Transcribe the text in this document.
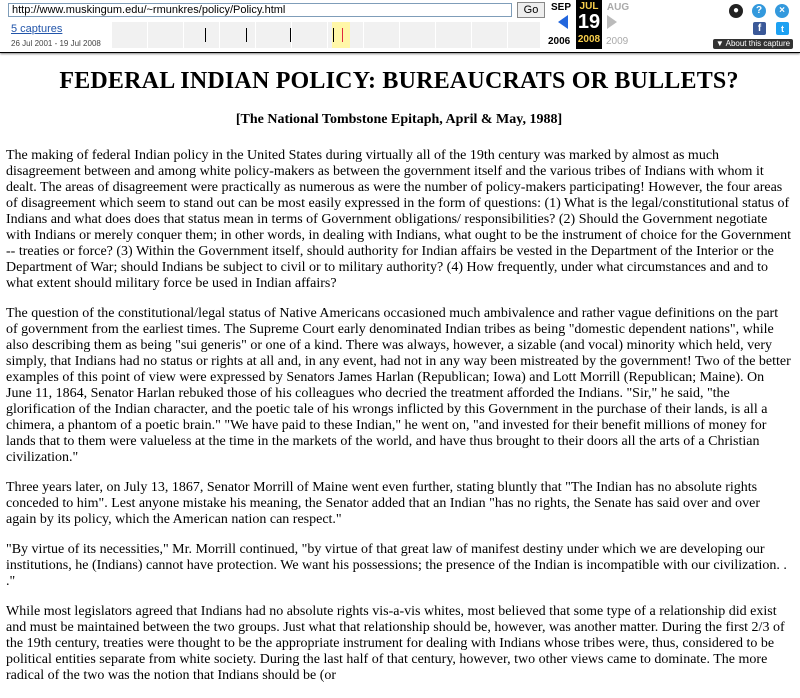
http://www.muskingum.edu/~rmunkres/policy/Policy.html
Go
5 captures
26 Jul 2001 - 19 Jul 2008
SEP
2006
JUL
19
2008
AUG
2009
●	?	×
f	t
▼ About this capture
FEDERAL INDIAN POLICY: BUREAUCRATS OR BULLETS?
[The National Tombstone Epitaph, April & May, 1988]

The making of federal Indian policy in the United States during virtually all of the 19th century was marked by almost as much disagreement between and among white policy-makers as between the government itself and the various tribes of Indians with whom it dealt. The areas of disagreement were practically as numerous as were the number of policy-makers participating! However, the four areas of disagreement which seem to stand out can be most easily expressed in the form of questions: (1) What is the legal/constitutional status of Indians and what does does that status mean in terms of Government obligations/ responsibilities? (2) Should the Government negotiate with Indians or merely conquer them; in other words, in dealing with Indians, what ought to be the instrument of choice for the Government -- treaties or force? (3) Within the Government itself, should authority for Indian affairs be vested in the Department of the Interior or the Department of War; should Indians be subject to civil or to military authority? (4) How frequently, under what circumstances and and to what extent should military force be used in Indian affairs?

The question of the constitutional/legal status of Native Americans occasioned much ambivalence and rather vague definitions on the part of government from the earliest times. The Supreme Court early denominated Indian tribes as being "domestic dependent nations", while also describing them as being "sui generis" or one of a kind. There was always, however, a sizable (and vocal) minority which held, very simply, that Indians had no status or rights at all and, in any event, had not in any way been mistreated by the government! Two of the better examples of this point of view were expressed by Senators James Harlan (Republican; Iowa) and Lott Morrill (Republican; Maine). On June 11, 1864, Senator Harlan rebuked those of his colleagues who decried the treatment afforded the Indians. "Sir," he said, "the glorification of the Indian character, and the poetic tale of his wrongs inflicted by this Government in the purchase of their lands, is all a chimera, a phantom of a poetic brain." "We have paid to these Indian," he went on, "and invested for their benefit millions of money for lands that to them were valueless at the time in the markets of the world, and have thus brought to their doors all the arts of a Christian civilization."

Three years later, on July 13, 1867, Senator Morrill of Maine went even further, stating bluntly that "The Indian has no absolute rights conceded to him". Lest anyone mistake his meaning, the Senator added that an Indian "has no rights, the Senate has said over and over again by its policy, which the American nation can respect."

"By virtue of its necessities," Mr. Morrill continued, "by virtue of that great law of manifest destiny under which we are developing our institutions, he (Indians) cannot have protection. We want his possessions; the presence of the Indian is incompatible with our civilization. . ."

While most legislators agreed that Indians had no absolute rights vis-a-vis whites, most believed that some type of a relationship did exist and must be maintained between the two groups. Just what that relationship should be, however, was another matter. During the first 2/3 of the 19th century, treaties were thought to be the appropriate instrument for dealing with Indians whose tribes were, thus, considered to be political entities separate from white society. During the last half of that century, however, two other views came to dominate. The more radical of the two was the notion that Indians should be (or
